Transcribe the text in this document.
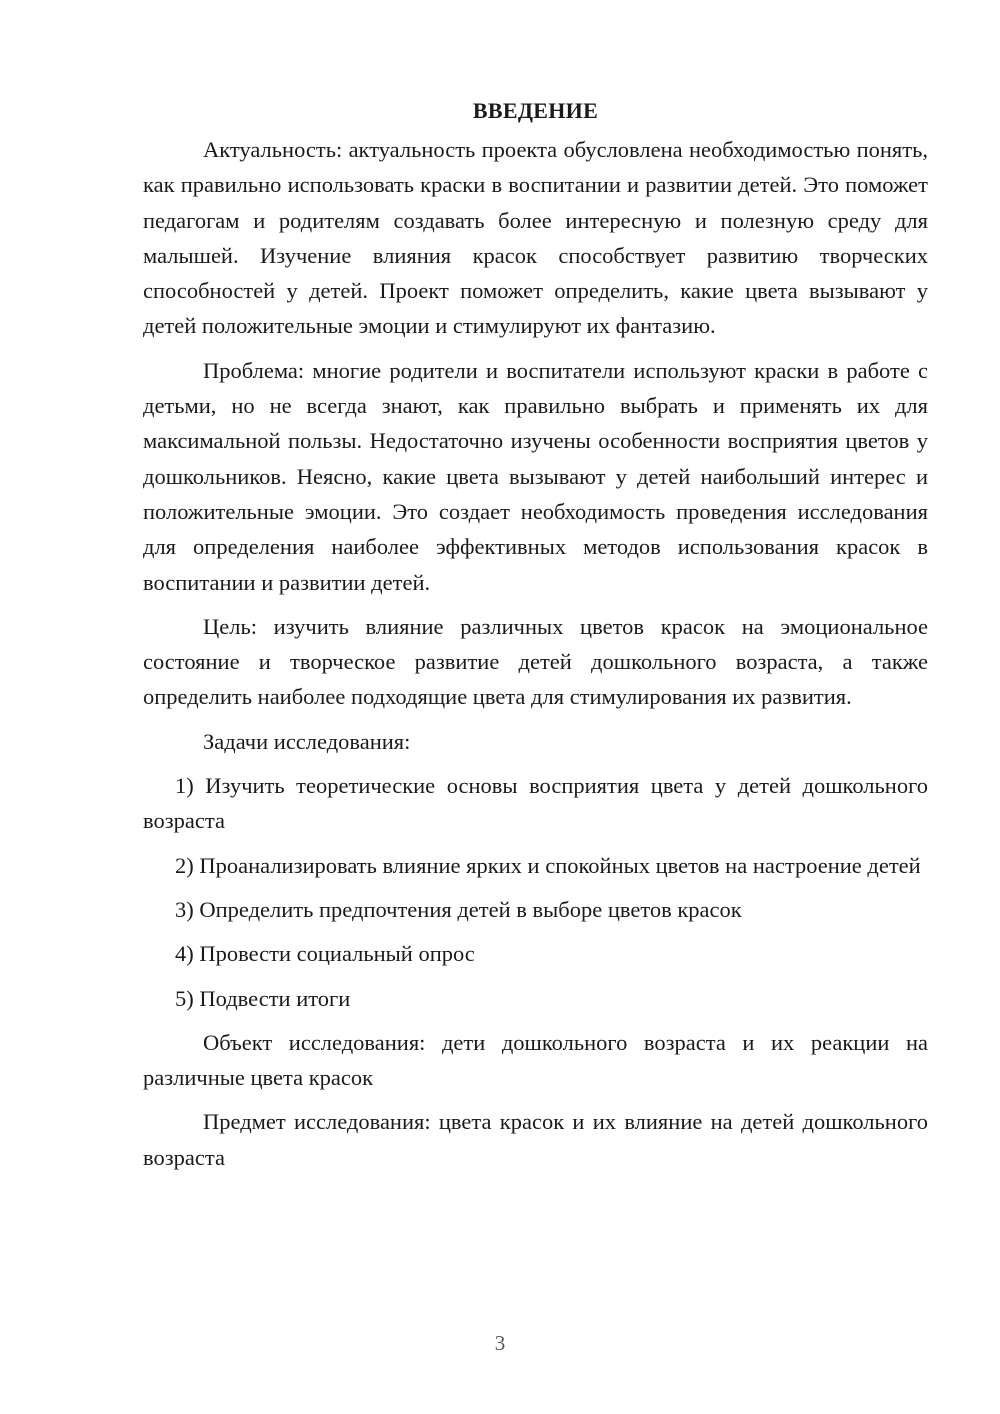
ВВЕДЕНИЕ

Актуальность: актуальность проекта обусловлена необходимостью понять, как правильно использовать краски в воспитании и развитии детей. Это поможет педагогам и родителям создавать более интересную и полезную среду для малышей. Изучение влияния красок способствует развитию творческих способностей у детей. Проект поможет определить, какие цвета вызывают у детей положительные эмоции и стимулируют их фантазию.

Проблема: многие родители и воспитатели используют краски в работе с детьми, но не всегда знают, как правильно выбрать и применять их для максимальной пользы. Недостаточно изучены особенности восприятия цветов у дошкольников. Неясно, какие цвета вызывают у детей наибольший интерес и положительные эмоции. Это создает необходимость проведения исследования для определения наиболее эффективных методов использования красок в воспитании и развитии детей.

Цель: изучить влияние различных цветов красок на эмоциональное состояние и творческое развитие детей дошкольного возраста, а также определить наиболее подходящие цвета для стимулирования их развития.

Задачи исследования:

1) Изучить теоретические основы восприятия цвета у детей дошкольного возраста

2) Проанализировать влияние ярких и спокойных цветов на настроение детей

3) Определить предпочтения детей в выборе цветов красок

4) Провести социальный опрос

5) Подвести итоги

Объект исследования: дети дошкольного возраста и их реакции на различные цвета красок

Предмет исследования: цвета красок и их влияние на детей дошкольного возраста

3
